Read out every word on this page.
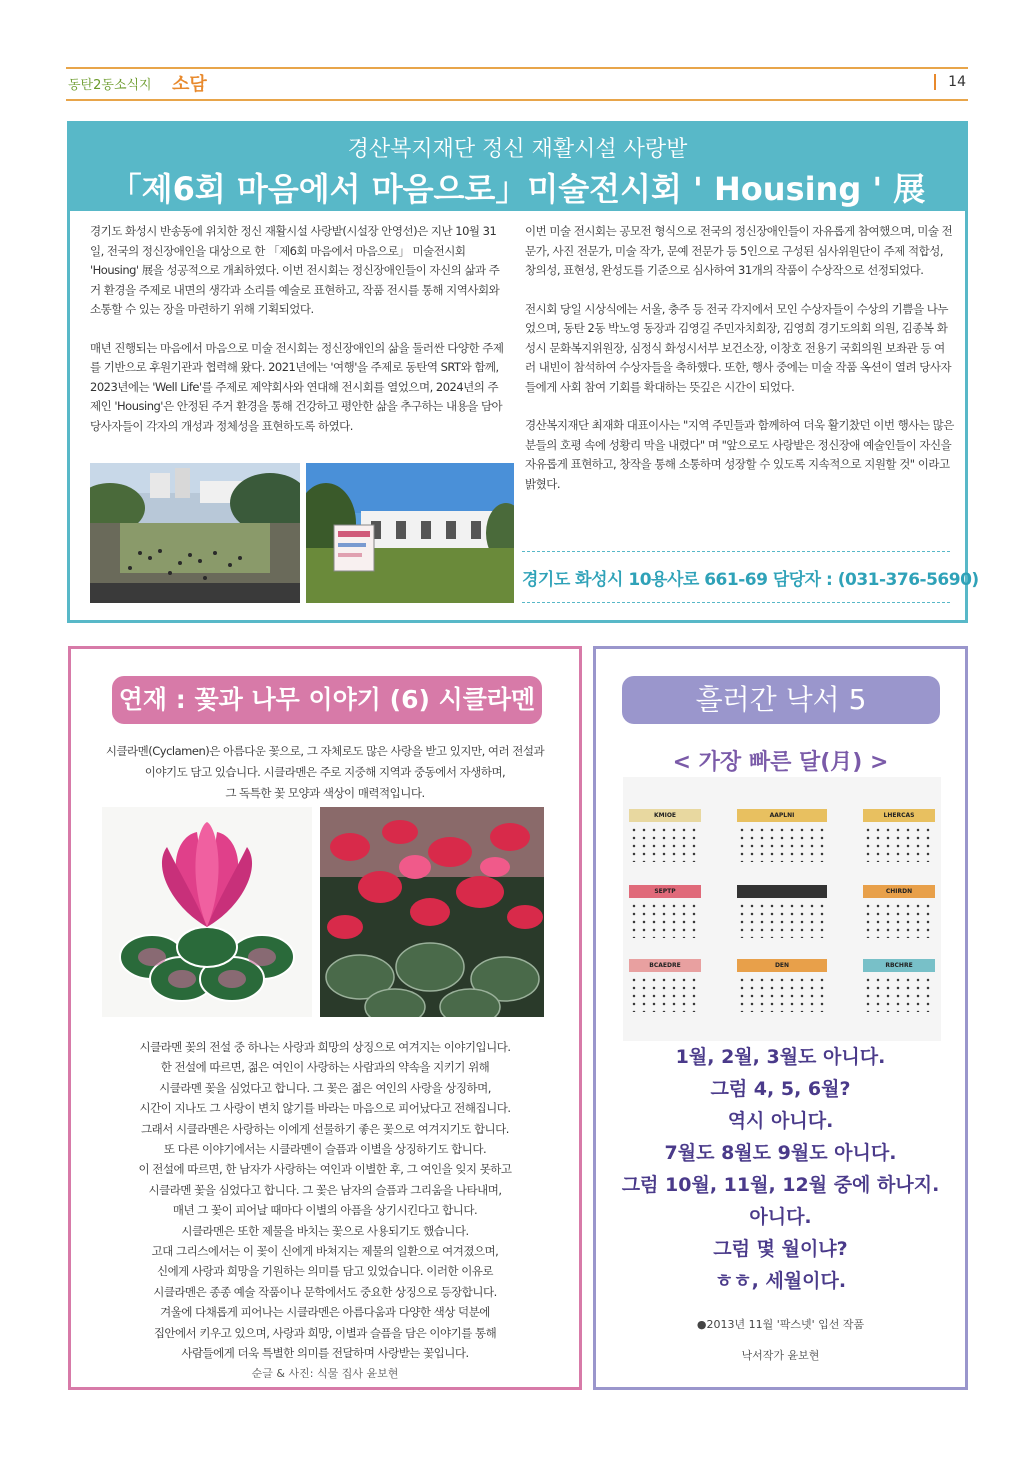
동탄2동소식지 소담	14
경산복지재단 정신 재활시설 사랑밭
「제6회 마음에서 마음으로」미술전시회 ' Housing ' 展

경기도 화성시 반송동에 위치한 정신 재활시설 사랑밭(시설장 안영선)은 지난 10월 31일, 전국의 정신장애인을 대상으로 한 「제6회 마음에서 마음으로」 미술전시회 'Housing' 展을 성공적으로 개최하였다. 이번 전시회는 정신장애인들이 자신의 삶과 주거 환경을 주제로 내면의 생각과 소리를 예술로 표현하고, 작품 전시를 통해 지역사회와 소통할 수 있는 장을 마련하기 위해 기획되었다.

매년 진행되는 마음에서 마음으로 미술 전시회는 정신장애인의 삶을 둘러싼 다양한 주제를 기반으로 후원기관과 협력해 왔다. 2021년에는 '여행'을 주제로 동탄역 SRT와 함께, 2023년에는 'Well Life'를 주제로 제약회사와 연대해 전시회를 열었으며, 2024년의 주제인 'Housing'은 안정된 주거 환경을 통해 건강하고 평안한 삶을 추구하는 내용을 담아 당사자들이 각자의 개성과 정체성을 표현하도록 하였다.

이번 미술 전시회는 공모전 형식으로 전국의 정신장애인들이 자유롭게 참여했으며, 미술 전문가, 사진 전문가, 미술 작가, 문예 전문가 등 5인으로 구성된 심사위원단이 주제 적합성, 창의성, 표현성, 완성도를 기준으로 심사하여 31개의 작품이 수상작으로 선정되었다.

전시회 당일 시상식에는 서울, 충주 등 전국 각지에서 모인 수상자들이 수상의 기쁨을 나누었으며, 동탄 2동 박노영 동장과 김영길 주민자치회장, 김영희 경기도의회 의원, 김종복 화성시 문화복지위원장, 심정식 화성시서부 보건소장, 이창호 전용기 국회의원 보좌관 등 여러 내빈이 참석하여 수상자들을 축하했다. 또한, 행사 중에는 미술 작품 옥션이 열려 당사자들에게 사회 참여 기회를 확대하는 뜻깊은 시간이 되었다.

경산복지재단 최재화 대표이사는 "지역 주민들과 함께하여 더욱 활기찼던 이번 행사는 많은 분들의 호평 속에 성황리 막을 내렸다" 며 "앞으로도 사랑밭은 정신장애 예술인들이 자신을 자유롭게 표현하고, 창작을 통해 소통하며 성장할 수 있도록 지속적으로 지원할 것" 이라고 밝혔다.

경기도 화성시 10용사로 661-69 담당자 : (031-376-5690)
연재 : 꽃과 나무 이야기 (6) 시클라멘
시클라멘(Cyclamen)은 아름다운 꽃으로, 그 자체로도 많은 사랑을 받고 있지만, 여러 전설과
이야기도 담고 있습니다. 시클라멘은 주로 지중해 지역과 중동에서 자생하며,
그 독특한 꽃 모양과 색상이 매력적입니다.
시클라멘 꽃의 전설 중 하나는 사랑과 희망의 상징으로 여겨지는 이야기입니다.
한 전설에 따르면, 젊은 여인이 사랑하는 사람과의 약속을 지키기 위해
시클라멘 꽃을 심었다고 합니다. 그 꽃은 젊은 여인의 사랑을 상징하며,
시간이 지나도 그 사랑이 변치 않기를 바라는 마음으로 피어났다고 전해집니다.
그래서 시클라멘은 사랑하는 이에게 선물하기 좋은 꽃으로 여겨지기도 합니다.
또 다른 이야기에서는 시클라멘이 슬픔과 이별을 상징하기도 합니다.
이 전설에 따르면, 한 남자가 사랑하는 여인과 이별한 후, 그 여인을 잊지 못하고
시클라멘 꽃을 심었다고 합니다. 그 꽃은 남자의 슬픔과 그리움을 나타내며,
매년 그 꽃이 피어날 때마다 이별의 아픔을 상기시킨다고 합니다.
시클라멘은 또한 제물을 바치는 꽃으로 사용되기도 했습니다.
고대 그리스에서는 이 꽃이 신에게 바쳐지는 제물의 일환으로 여겨졌으며,
신에게 사랑과 희망을 기원하는 의미를 담고 있었습니다. 이러한 이유로
시클라멘은 종종 예술 작품이나 문학에서도 중요한 상징으로 등장합니다.
겨울에 다채롭게 피어나는 시클라멘은 아름다움과 다양한 색상 덕분에
집안에서 키우고 있으며, 사랑과 희망, 이별과 슬픔을 담은 이야기를 통해
사람들에게 더욱 특별한 의미를 전달하며 사랑받는 꽃입니다.
순글 & 사진: 식물 집사 윤보현
흘러간 낙서 5
< 가장 빠른 달(月) >
KMIOE	AAPLNI	LHERCAS
SEPTP	CHIRDN
BCAEDRE	DEN	RBCHRE
1월, 2월, 3월도 아니다.
그럼 4, 5, 6월?
역시 아니다.
7월도 8월도 9월도 아니다.
그럼 10월, 11월, 12월 중에 하나지.
아니다.
그럼 몇 월이냐?
ㅎㅎ, 세월이다.
●2013년 11월 '팍스넷' 입선 작품
낙서작가 윤보현
